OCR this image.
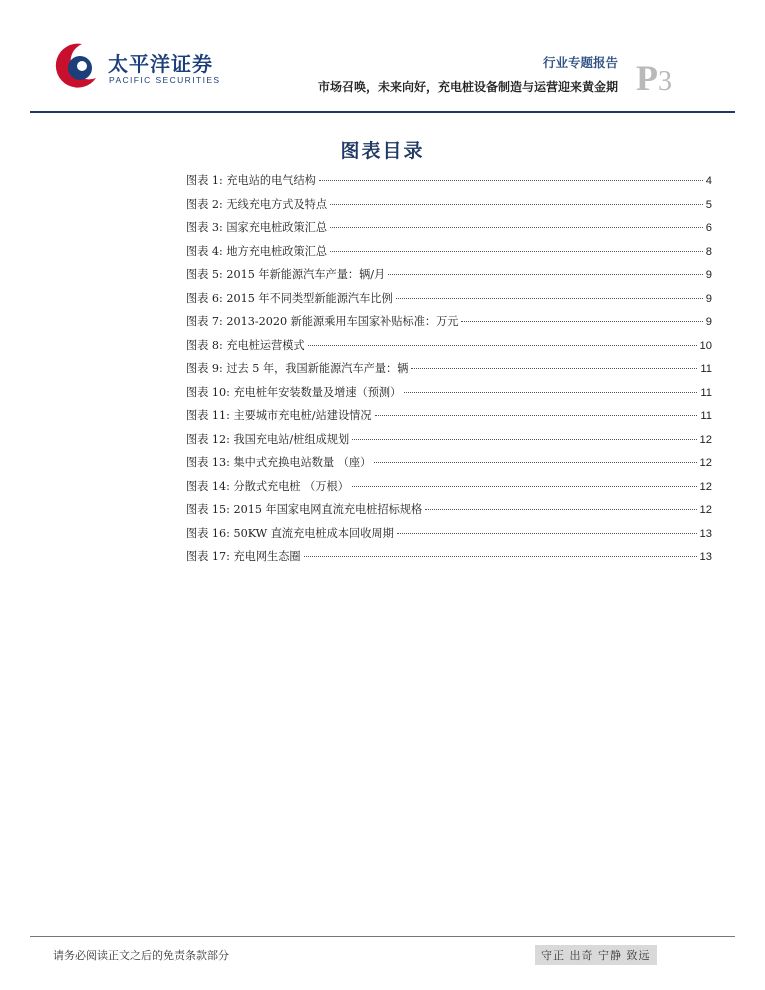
太平洋证券
PACIFIC SECURITIES
行业专题报告
市场召唤，未来向好，充电桩设备制造与运营迎来黄金期 P3
图表目录
图表 1: 充电站的电气结构	4
图表 2: 无线充电方式及特点	5
图表 3: 国家充电桩政策汇总	6
图表 4: 地方充电桩政策汇总	8
图表 5: 2015 年新能源汽车产量：辆/月	9
图表 6: 2015 年不同类型新能源汽车比例	9
图表 7: 2013-2020 新能源乘用车国家补贴标准：万元	9
图表 8: 充电桩运营模式	10
图表 9: 过去 5 年，我国新能源汽车产量：辆	11
图表 10: 充电桩年安装数量及增速（预测）	11
图表 11: 主要城市充电桩/站建设情况	11
图表 12: 我国充电站/桩组成规划	12
图表 13: 集中式充换电站数量 （座）	12
图表 14: 分散式充电桩 （万根）	12
图表 15: 2015 年国家电网直流充电桩招标规格	12
图表 16: 50KW 直流充电桩成本回收周期	13
图表 17: 充电网生态圈	13
请务必阅读正文之后的免责条款部分	守正 出奇 宁静 致远
